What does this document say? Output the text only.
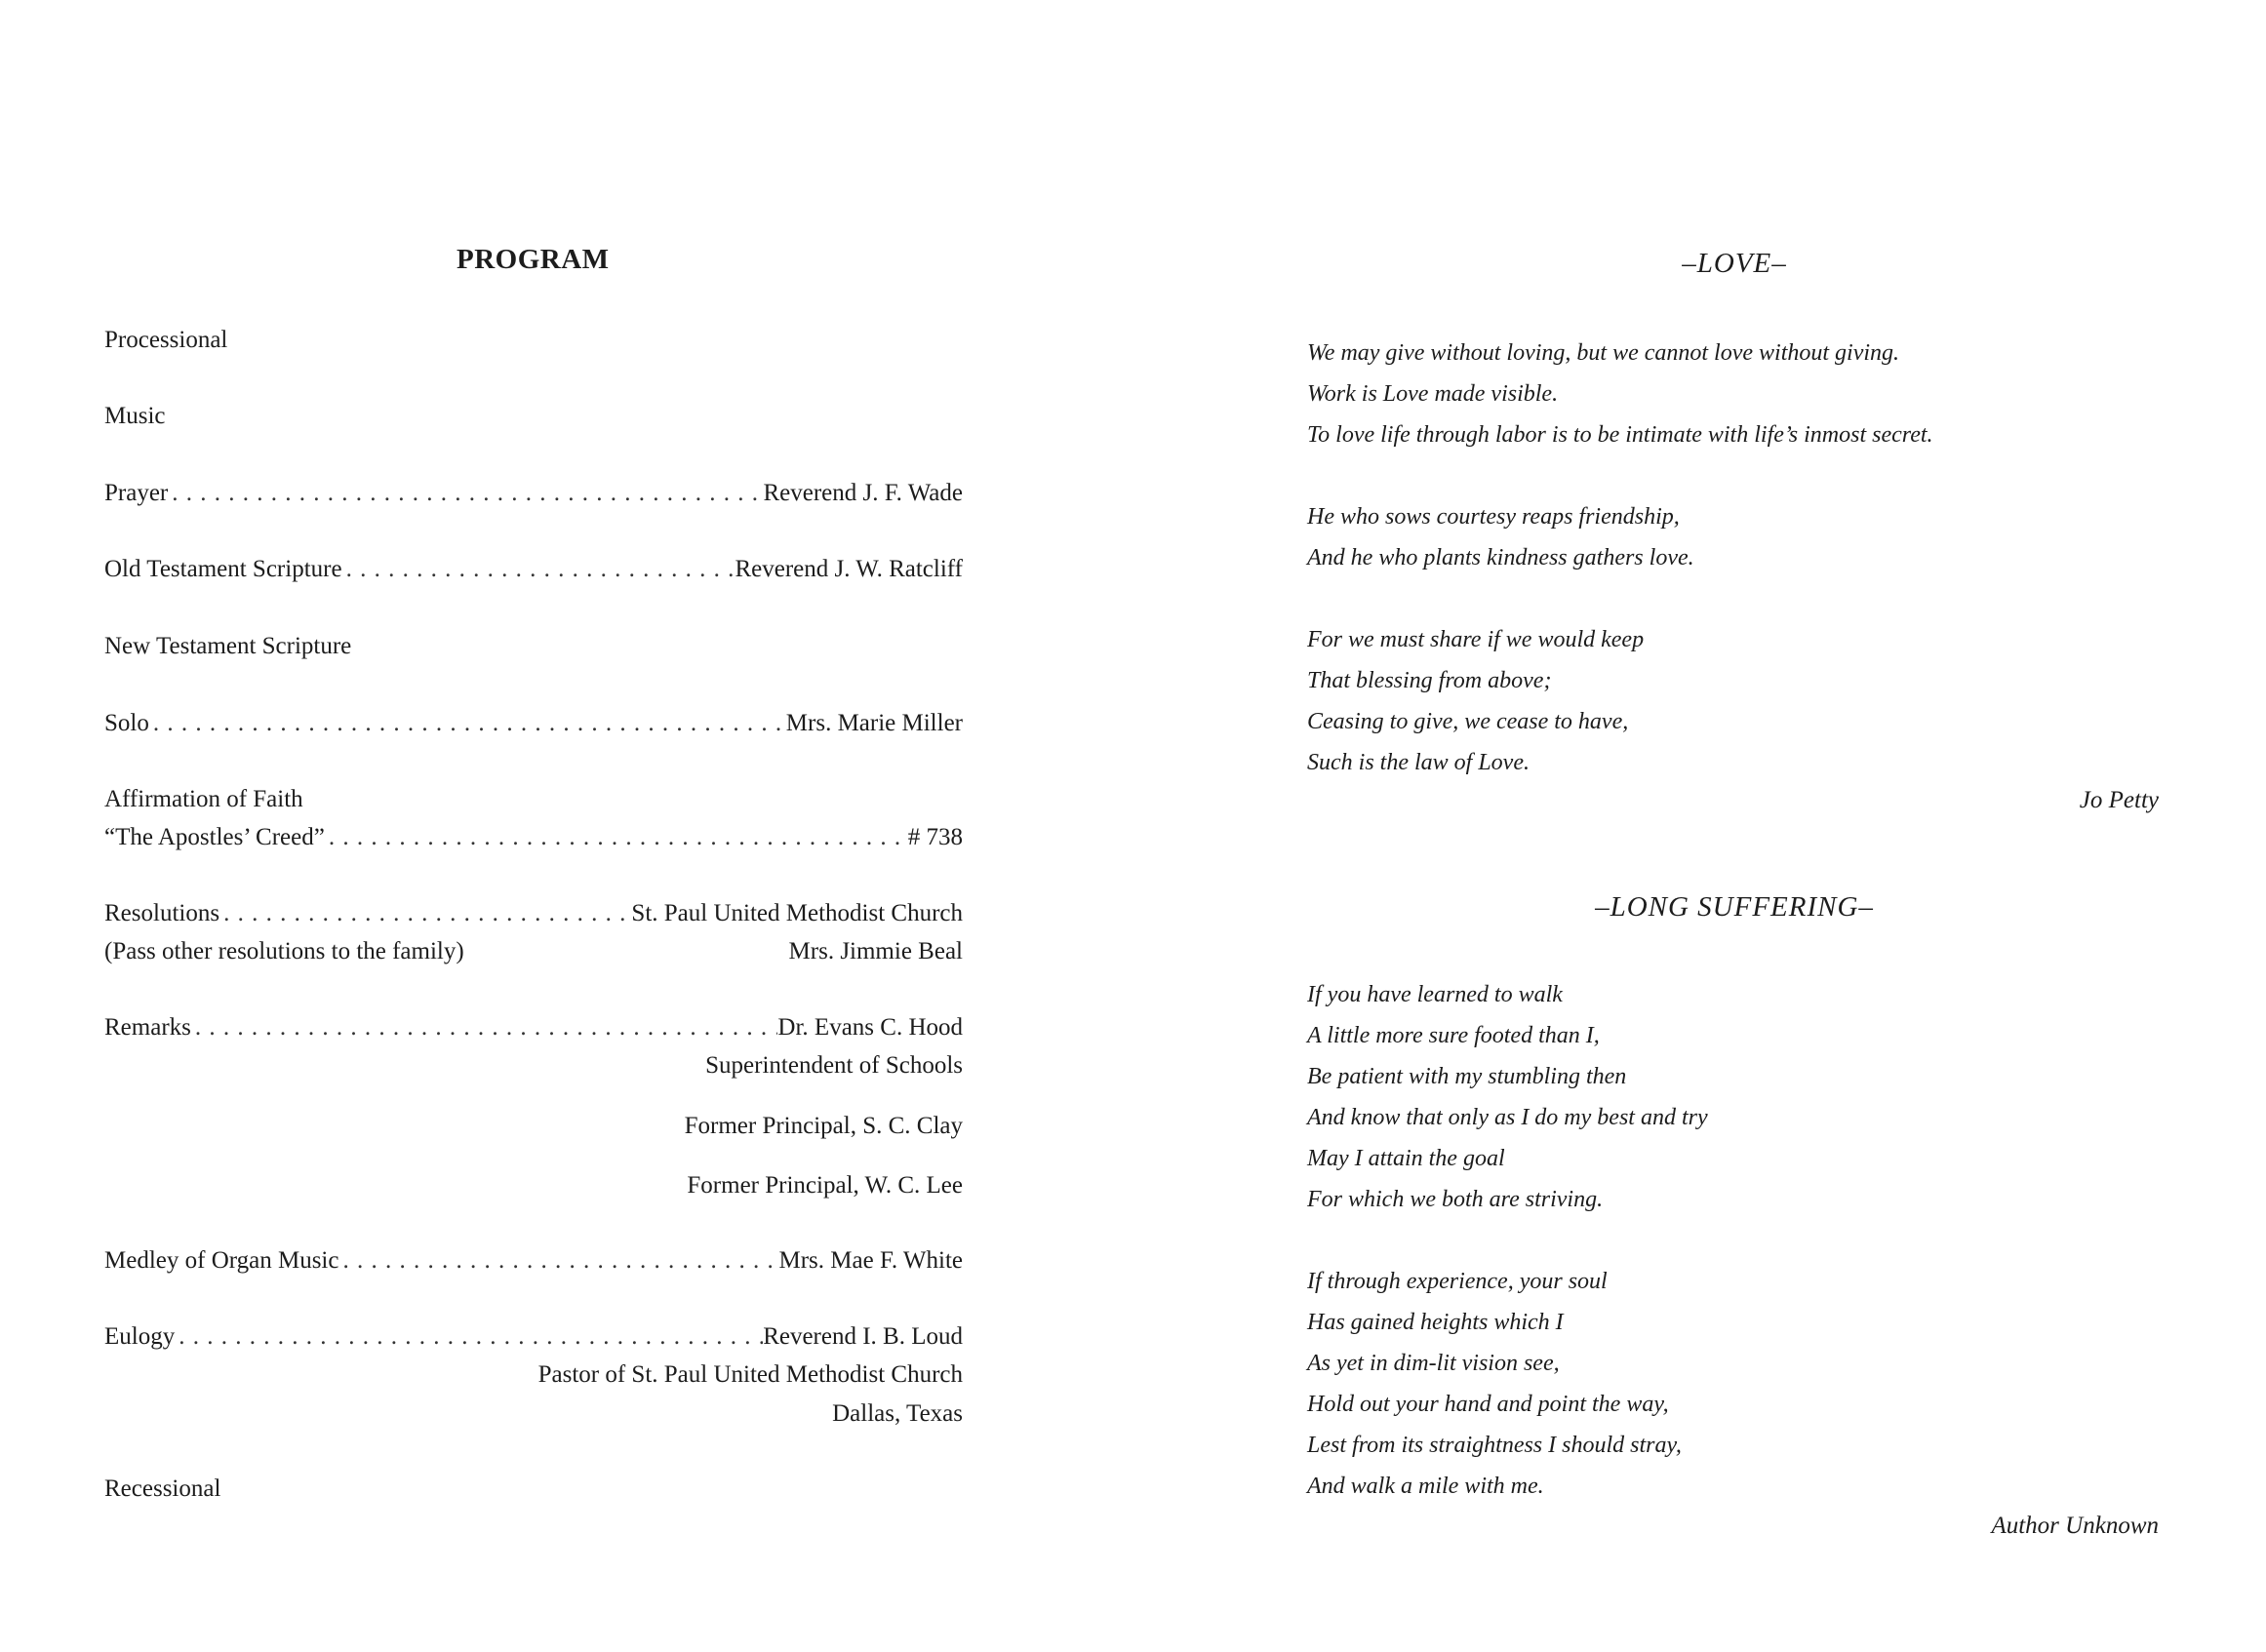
PROGRAM
Processional
Music
Prayer . . .	Reverend J. F. Wade
Old Testament Scripture . . .	Reverend J. W. Ratcliff
New Testament Scripture
Solo . . .	Mrs. Marie Miller
Affirmation of Faith
“The Apostles’ Creed” . . .	# 738
Resolutions . . .	St. Paul United Methodist Church
(Pass other resolutions to the family)	Mrs. Jimmie Beal
Remarks . . .	Dr. Evans C. Hood
Superintendent of Schools
Former Principal, S. C. Clay
Former Principal, W. C. Lee
Medley of Organ Music . . .	Mrs. Mae F. White
Eulogy . . .	Reverend I. B. Loud
Pastor of St. Paul United Methodist Church
Dallas, Texas
Recessional
–LOVE–
We may give without loving, but we cannot love without giving.
Work is Love made visible.
To love life through labor is to be intimate with life’s inmost secret.
He who sows courtesy reaps friendship,
And he who plants kindness gathers love.
For we must share if we would keep
That blessing from above;
Ceasing to give, we cease to have,
Such is the law of Love.
Jo Petty
–LONG SUFFERING–
If you have learned to walk
A little more sure footed than I,
Be patient with my stumbling then
And know that only as I do my best and try
May I attain the goal
For which we both are striving.
If through experience, your soul
Has gained heights which I
As yet in dim-lit vision see,
Hold out your hand and point the way,
Lest from its straightness I should stray,
And walk a mile with me.
Author Unknown
